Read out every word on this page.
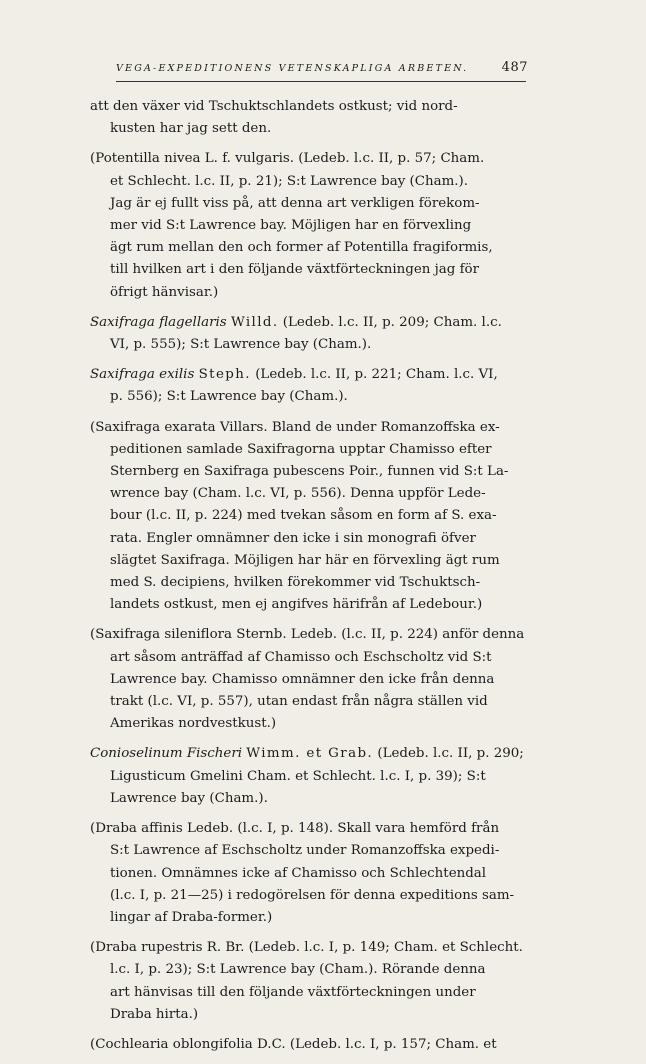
VEGA-EXPEDITIONENS VETENSKAPLIGA ARBETEN.	487
att den växer vid Tschuktschlandets ostkust; vid nord-
kusten har jag sett den.
(Potentilla nivea L. f. vulgaris. (Ledeb. l.c. II, p. 57; Cham.
et Schlecht. l.c. II, p. 21); S:t Lawrence bay (Cham.).
Jag är ej fullt viss på, att denna art verkligen förekom-
mer vid S:t Lawrence bay. Möjligen har en förvexling
ägt rum mellan den och former af Potentilla fragiformis,
till hvilken art i den följande växtförteckningen jag för
öfrigt hänvisar.)
Saxifraga flagellaris Willd. (Ledeb. l.c. II, p. 209; Cham. l.c.
VI, p. 555); S:t Lawrence bay (Cham.).
Saxifraga exilis Steph. (Ledeb. l.c. II, p. 221; Cham. l.c. VI,
p. 556); S:t Lawrence bay (Cham.).
(Saxifraga exarata Villars. Bland de under Romanzoffska ex-
peditionen samlade Saxifragorna upptar Chamisso efter
Sternberg en Saxifraga pubescens Poir., funnen vid S:t La-
wrence bay (Cham. l.c. VI, p. 556). Denna uppför Lede-
bour (l.c. II, p. 224) med tvekan såsom en form af S. exa-
rata. Engler omnämner den icke i sin monografi öfver
slägtet Saxifraga. Möjligen har här en förvexling ägt rum
med S. decipiens, hvilken förekommer vid Tschuktsch-
landets ostkust, men ej angifves härifrån af Ledebour.)
(Saxifraga sileniflora Sternb. Ledeb. (l.c. II, p. 224) anför denna
art såsom anträffad af Chamisso och Eschscholtz vid S:t
Lawrence bay. Chamisso omnämner den icke från denna
trakt (l.c. VI, p. 557), utan endast från några ställen vid
Amerikas nordvestkust.)
Conioselinum Fischeri Wimm. et Grab. (Ledeb. l.c. II, p. 290;
Ligusticum Gmelini Cham. et Schlecht. l.c. I, p. 39); S:t
Lawrence bay (Cham.).
(Draba affinis Ledeb. (l.c. I, p. 148). Skall vara hemförd från
S:t Lawrence af Eschscholtz under Romanzoffska expedi-
tionen. Omnämnes icke af Chamisso och Schlechtendal
(l.c. I, p. 21—25) i redogörelsen för denna expeditions sam-
lingar af Draba-former.)
(Draba rupestris R. Br. (Ledeb. l.c. I, p. 149; Cham. et Schlecht.
l.c. I, p. 23); S:t Lawrence bay (Cham.). Rörande denna
art hänvisas till den följande växtförteckningen under
Draba hirta.)
(Cochlearia oblongifolia D.C. (Ledeb. l.c. I, p. 157; Cham. et
